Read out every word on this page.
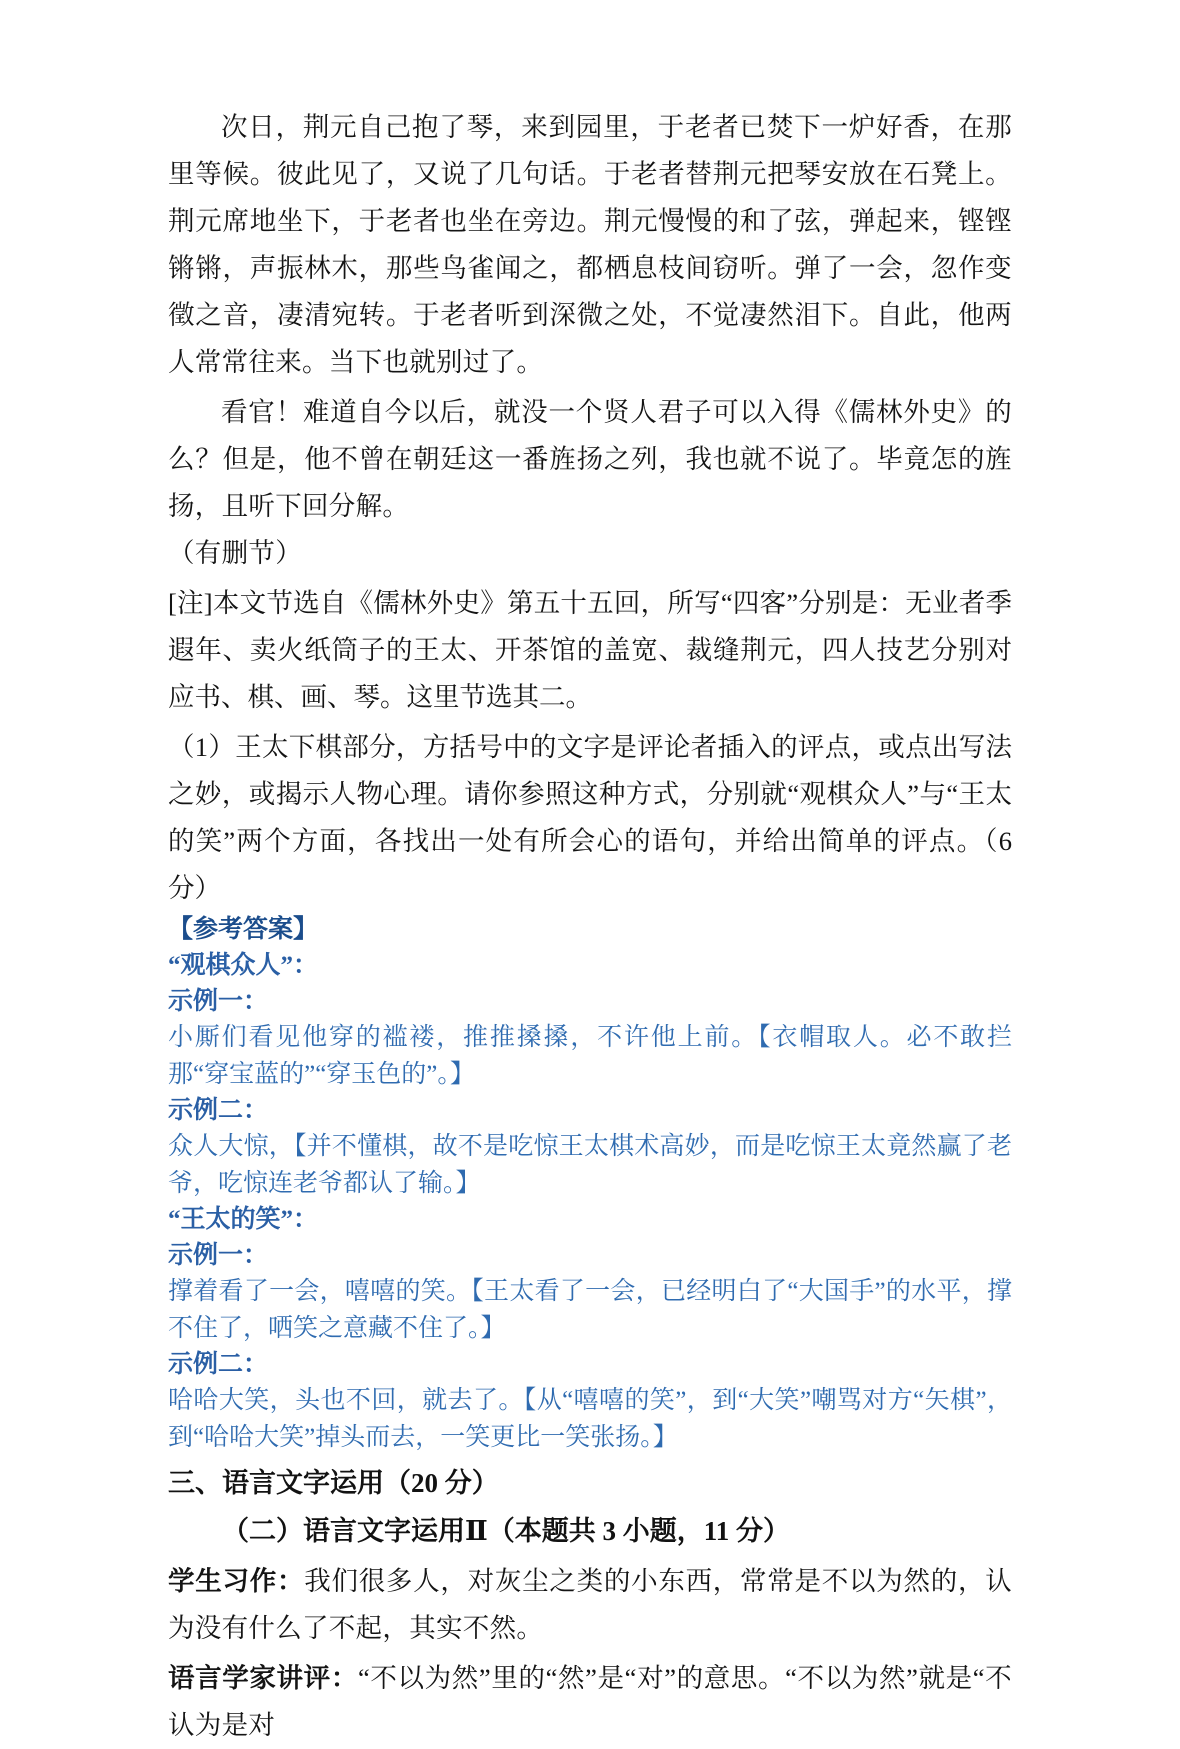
次日，荆元自己抱了琴，来到园里，于老者已焚下一炉好香，在那里等候。彼此见了，又说了几句话。于老者替荆元把琴安放在石凳上。荆元席地坐下，于老者也坐在旁边。荆元慢慢的和了弦，弹起来，铿铿锵锵，声振林木，那些鸟雀闻之，都栖息枝间窃听。弹了一会，忽作变徵之音，凄清宛转。于老者听到深微之处，不觉凄然泪下。自此，他两人常常往来。当下也就别过了。

看官！难道自今以后，就没一个贤人君子可以入得《儒林外史》的么？但是，他不曾在朝廷这一番旌扬之列，我也就不说了。毕竟怎的旌扬，且听下回分解。

（有删节）

[注]本文节选自《儒林外史》第五十五回，所写“四客”分别是：无业者季遐年、卖火纸筒子的王太、开茶馆的盖宽、裁缝荆元，四人技艺分别对应书、棋、画、琴。这里节选其二。

（1）王太下棋部分，方括号中的文字是评论者插入的评点，或点出写法之妙，或揭示人物心理。请你参照这种方式，分别就“观棋众人”与“王太的笑”两个方面，各找出一处有所会心的语句，并给出简单的评点。（6 分）

【参考答案】

“观棋众人”：

示例一：

小厮们看见他穿的褴褛，推推搡搡，不许他上前。【衣帽取人。必不敢拦那“穿宝蓝的”“穿玉色的”。】

示例二：

众人大惊，【并不懂棋，故不是吃惊王太棋术高妙，而是吃惊王太竟然赢了老爷，吃惊连老爷都认了输。】

“王太的笑”：

示例一：

撑着看了一会，嘻嘻的笑。【王太看了一会，已经明白了“大国手”的水平，撑不住了，哂笑之意藏不住了。】

示例二：

哈哈大笑，头也不回，就去了。【从“嘻嘻的笑”，到“大笑”嘲骂对方“矢棋”，到“哈哈大笑”掉头而去，一笑更比一笑张扬。】

三、语言文字运用（20 分）

（二）语言文字运用Ⅱ（本题共 3 小题，11 分）

学生习作：我们很多人，对灰尘之类的小东西，常常是不以为然的，认为没有什么了不起，其实不然。

语言学家讲评：“不以为然”里的“然”是“对”的意思。“不以为然”就是“不认为是对
